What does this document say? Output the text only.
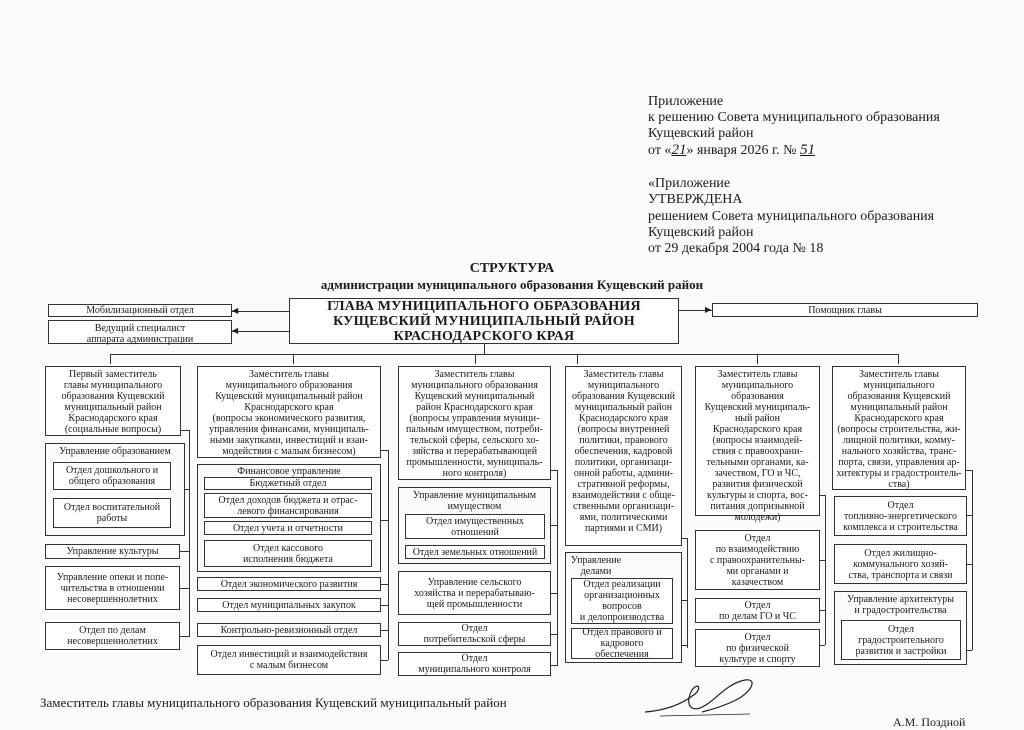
Приложение
к решению Совета муниципального образования
Кущевский район
от «21» января 2026 г. № 51
«Приложение
УТВЕРЖДЕНА
решением Совета муниципального образования
Кущевский район
от 29 декабря 2004 года № 18
СТРУКТУРА
администрации муниципального образования Кущевский район
Мобилизационный отдел
Ведущий специалист
аппарата администрации
ГЛАВА МУНИЦИПАЛЬНОГО ОБРАЗОВАНИЯ
КУЩЕВСКИЙ МУНИЦИПАЛЬНЫЙ РАЙОН
КРАСНОДАРСКОГО КРАЯ
Помощник главы
◀
◀
▶
Первый заместитель
главы муниципального
образования Кущевский
муниципальный район
Краснодарского края
(социальные вопросы)
Управление образованием
Отдел дошкольного и
общего образования
Отдел воспитательной
работы
Управление культуры
Управление опеки и попе-
чительства в отношении
несовершеннолетних
Отдел по делам
несовершеннолетних
Заместитель главы
муниципального образования
Кущевский муниципальный район
Краснодарского края
(вопросы экономического развития,
управления финансами, муниципаль-
ными закупками, инвестиций и взаи-
модействия с малым бизнесом)
Финансовое управление
Бюджетный отдел
Отдел доходов бюджета и отрас-
левого финансирования
Отдел учета и отчетности
Отдел кассового
исполнения бюджета
Отдел экономического развития
Отдел муниципальных закупок
Контрольно-ревизионный отдел
Отдел инвестиций и взаимодействия
с малым бизнесом
Заместитель главы
муниципального образования
Кущевский муниципальный
район Краснодарского края
(вопросы управления муници-
пальным имуществом, потреби-
тельской сферы, сельского хо-
зяйства и перерабатывающей
промышленности, муниципаль-
ного контроля)
Управление муниципальным
имуществом
Отдел имущественных
отношений
Отдел земельных отношений
Управление сельского
хозяйства и перерабатываю-
щей промышленности
Отдел
потребительской сферы
Отдел
муниципального контроля
Заместитель главы
муниципального
образования Кущевский
муниципальный район
Краснодарского края
(вопросы внутренней
политики, правового
обеспечения, кадровой
политики, организаци-
онной работы, админи-
стративной реформы,
взаимодействия с обще-
ственными организаци-
ями, политическими
партиями и СМИ)
Управление
делами
Отдел реализации
организационных
вопросов
и делопроизводства
Отдел правового и
кадрового
обеспечения
Заместитель главы
муниципального
образования
Кущевский муниципаль-
ный район
Краснодарского края
(вопросы взаимодей-
ствия с правоохрани-
тельными органами, ка-
зачеством, ГО и ЧС,
развития физической
культуры и спорта, вос-
питания допризывной
молодежи)
Отдел
по взаимодействию
с правоохранительны-
ми органами и
казачеством
Отдел
по делам ГО и ЧС
Отдел
по физической
культуре и спорту
Заместитель главы
муниципального
образования Кущевский
муниципальный район
Краснодарского края
(вопросы строительства, жи-
лищной политики, комму-
нального хозяйства, транс-
порта, связи, управления ар-
хитектуры и градостроитель-
ства)
Отдел
топливно-энергетического
комплекса и строительства
Отдел жилищно-
коммунального хозяй-
ства, транспорта и связи
Управление архитектуры
и градостроительства
Отдел
градостроительного
развития и застройки
Заместитель главы муниципального образования Кущевский муниципальный район
А.М. Поздной
